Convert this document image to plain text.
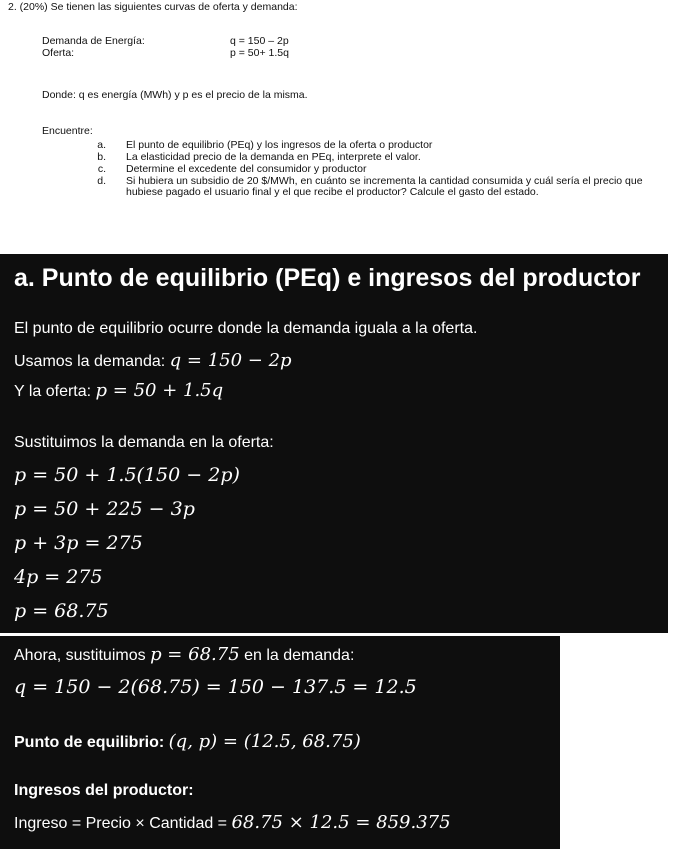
2. (20%) Se tienen las siguientes curvas de oferta y demanda:
Demanda de Energía:	q = 150 – 2p
Oferta:	p = 50+ 1.5q
Donde: q es energía (MWh) y p es el precio de la misma.
Encuentre:
a. El punto de equilibrio (PEq) y los ingresos de la oferta o productor
b. La elasticidad precio de la demanda en PEq, interprete el valor.
c. Determine el excedente del consumidor y productor
d. Si hubiera un subsidio de 20 $/MWh, en cuánto se incrementa la cantidad consumida y cuál sería el precio que hubiese pagado el usuario final y el que recibe el productor? Calcule el gasto del estado.
a. Punto de equilibrio (PEq) e ingresos del productor
El punto de equilibrio ocurre donde la demanda iguala a la oferta.
Usamos la demanda: q = 150 − 2p
Y la oferta: p = 50 + 1.5q
Sustituimos la demanda en la oferta:
p = 50 + 1.5(150 − 2p)
p = 50 + 225 − 3p
p + 3p = 275
4p = 275
p = 68.75
Ahora, sustituimos p = 68.75 en la demanda:
q = 150 − 2(68.75) = 150 − 137.5 = 12.5
Punto de equilibrio: (q, p) = (12.5, 68.75)
Ingresos del productor:
Ingreso = Precio × Cantidad = 68.75 × 12.5 = 859.375
